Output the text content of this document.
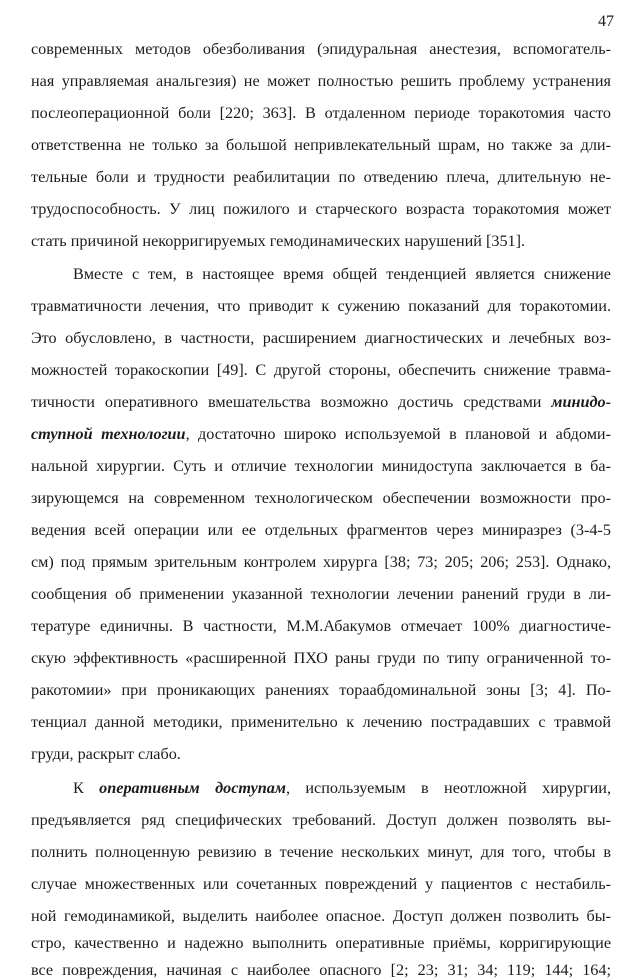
47
современных методов обезболивания (эпидуральная анестезия, вспомогатель-
ная управляемая анальгезия) не может полностью решить проблему устранения
послеоперационной боли [220; 363]. В отдаленном периоде торакотомия часто
ответственна не только за большой непривлекательный шрам, но также за дли-
тельные боли и трудности реабилитации по отведению плеча, длительную не-
трудоспособность. У лиц пожилого и старческого возраста торакотомия может
стать причиной некорригируемых гемодинамических нарушений [351].
Вместе с тем, в настоящее время общей тенденцией является снижение
травматичности лечения, что приводит к сужению показаний для торакотомии.
Это обусловлено, в частности, расширением диагностических и лечебных воз-
можностей торакоскопии [49]. С другой стороны, обеспечить снижение травма-
тичности оперативного вмешательства возможно достичь средствами минидо-
ступной технологии, достаточно широко используемой в плановой и абдоми-
нальной хирургии. Суть и отличие технологии минидоступа заключается в ба-
зирующемся на современном технологическом обеспечении возможности про-
ведения всей операции или ее отдельных фрагментов через миниразрез (3-4-5
см) под прямым зрительным контролем хирурга [38; 73; 205; 206; 253]. Однако,
сообщения об применении указанной технологии лечении ранений груди в ли-
тературе единичны. В частности, М.М.Абакумов отмечает 100% диагностиче-
скую эффективность «расширенной ПХО раны груди по типу ограниченной то-
ракотомии» при проникающих ранениях тораабдоминальной зоны [3; 4]. По-
тенциал данной методики, применительно к лечению пострадавших с травмой
груди, раскрыт слабо.
К оперативным доступам, используемым в неотложной хирургии,
предъявляется ряд специфических требований. Доступ должен позволять вы-
полнить полноценную ревизию в течение нескольких минут, для того, чтобы в
случае множественных или сочетанных повреждений у пациентов с нестабиль-
ной гемодинамикой, выделить наиболее опасное. Доступ должен позволить бы-
стро, качественно и надежно выполнить оперативные приёмы, корригирующие
все повреждения, начиная с наиболее опасного [2; 23; 31; 34; 119; 144; 164;
